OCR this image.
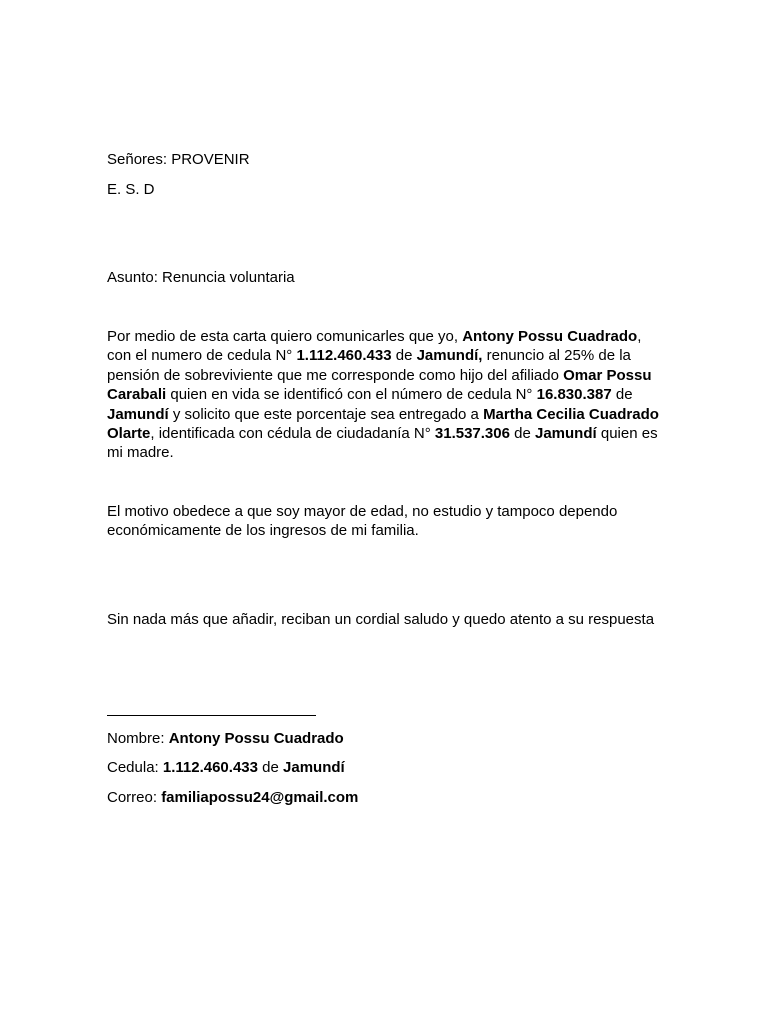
Señores: PROVENIR
E. S. D
Asunto: Renuncia voluntaria
Por medio de esta carta quiero comunicarles que yo, Antony Possu Cuadrado, con el numero de cedula N° 1.112.460.433 de Jamundí, renuncio al 25% de la pensión de sobreviviente que me corresponde como hijo del afiliado Omar Possu Carabali quien en vida se identificó con el número de cedula N° 16.830.387 de Jamundí y solicito que este porcentaje sea entregado a Martha Cecilia Cuadrado Olarte, identificada con cédula de ciudadanía N° 31.537.306 de Jamundí quien es mi madre.
El motivo obedece a que soy mayor de edad, no estudio y tampoco dependo económicamente de los ingresos de mi familia.
Sin nada más que añadir, reciban un cordial saludo y quedo atento a su respuesta
Nombre: Antony Possu Cuadrado
Cedula: 1.112.460.433 de Jamundí
Correo: familiapossu24@gmail.com
